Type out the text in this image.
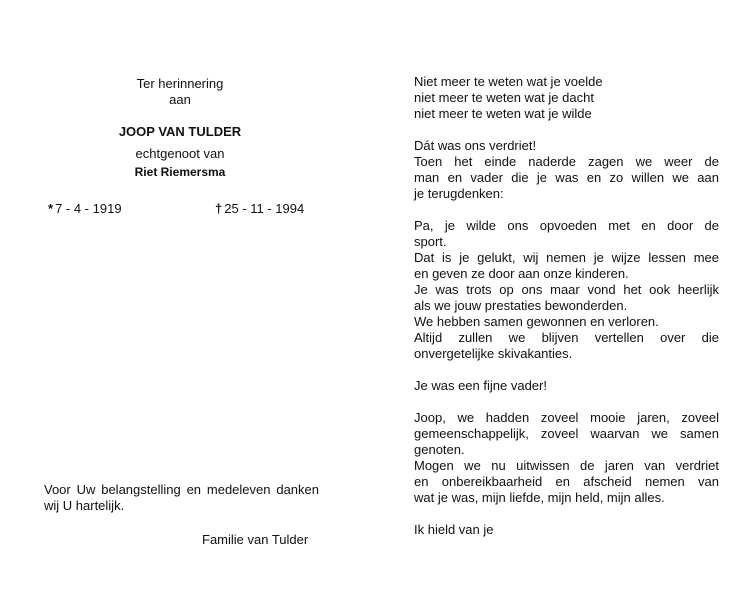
Ter herinnering
aan
JOOP VAN TULDER
echtgenoot van
Riet Riemersma
* 7 - 4 - 1919	† 25 - 11 - 1994
Voor Uw belangstelling en medeleven danken
wij U hartelijk.
Familie van Tulder
Niet meer te weten wat je voelde
niet meer te weten wat je dacht
niet meer te weten wat je wilde
Dát was ons verdriet!
Toen het einde naderde zagen we weer de
man en vader die je was en zo willen we aan
je terugdenken:
Pa, je wilde ons opvoeden met en door de
sport.
Dat is je gelukt, wij nemen je wijze lessen mee
en geven ze door aan onze kinderen.
Je was trots op ons maar vond het ook heerlijk
als we jouw prestaties bewonderden.
We hebben samen gewonnen en verloren.
Altijd zullen we blijven vertellen over die
onvergetelijke skivakanties.
Je was een fijne vader!
Joop, we hadden zoveel mooie jaren, zoveel
gemeenschappelijk, zoveel waarvan we samen
genoten.
Mogen we nu uitwissen de jaren van verdriet
en onbereikbaarheid en afscheid nemen van
wat je was, mijn liefde, mijn held, mijn alles.
Ik hield van je
